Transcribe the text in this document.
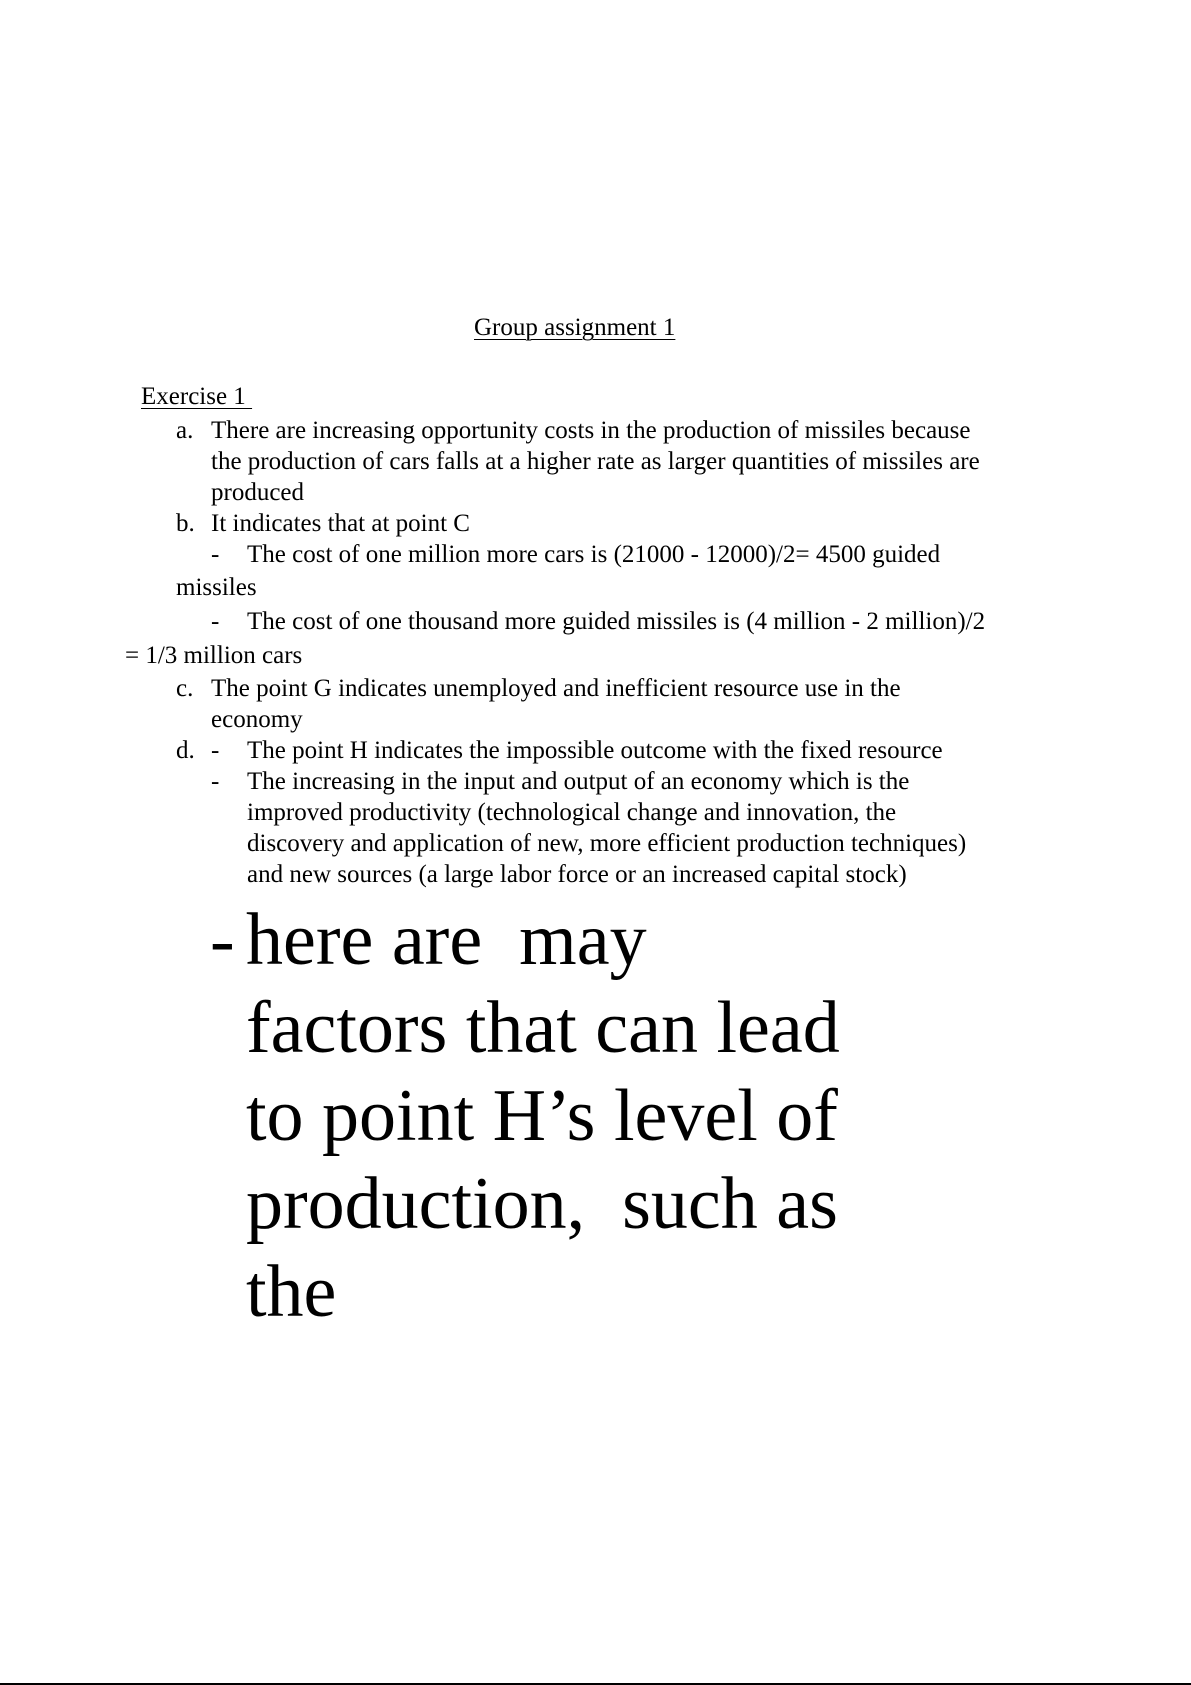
Group assignment 1
Exercise 1
a. There are increasing opportunity costs in the production of missiles because
the production of cars falls at a higher rate as larger quantities of missiles are
produced
b. It indicates that at point C
- The cost of one million more cars is (21000 - 12000)/2= 4500 guided
missiles
- The cost of one thousand more guided missiles is (4 million - 2 million)/2
= 1/3 million cars
c. The point G indicates unemployed and inefficient resource use in the
economy
d. - The point H indicates the impossible outcome with the fixed resource
- The increasing in the input and output of an economy which is the
improved productivity (technological change and innovation, the
discovery and application of new, more efficient production techniques)
and new sources (a large labor force or an increased capital stock)
- here are  may
factors that can lead
to point H’s level of
production,  such as
the
